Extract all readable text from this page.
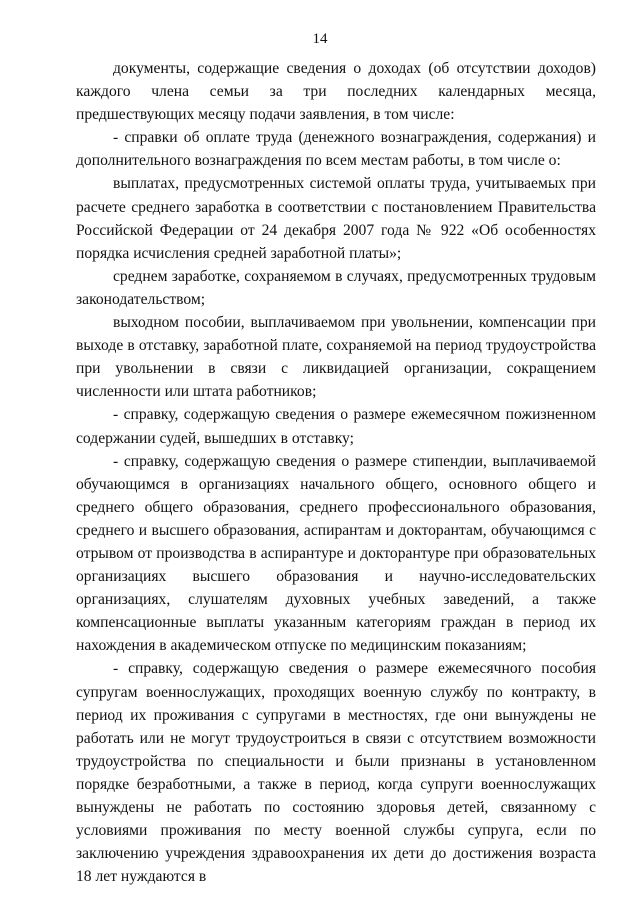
14

документы, содержащие сведения о доходах (об отсутствии доходов) каждого члена семьи за три последних календарных месяца, предшествующих месяцу подачи заявления, в том числе:

- справки об оплате труда (денежного вознаграждения, содержания) и дополнительного вознаграждения по всем местам работы, в том числе о:

выплатах, предусмотренных системой оплаты труда, учитываемых при расчете среднего заработка в соответствии с постановлением Правительства Российской Федерации от 24 декабря 2007 года № 922 «Об особенностях порядка исчисления средней заработной платы»;

среднем заработке, сохраняемом в случаях, предусмотренных трудовым законодательством;

выходном пособии, выплачиваемом при увольнении, компенсации при выходе в отставку, заработной плате, сохраняемой на период трудоустройства при увольнении в связи с ликвидацией организации, сокращением численности или штата работников;

- справку, содержащую сведения о размере ежемесячном пожизненном содержании судей, вышедших в отставку;

- справку, содержащую сведения о размере стипендии, выплачиваемой обучающимся в организациях начального общего, основного общего и среднего общего образования, среднего профессионального образования, среднего и высшего образования, аспирантам и докторантам, обучающимся с отрывом от производства в аспирантуре и докторантуре при образовательных организациях высшего образования и научно-исследовательских организациях, слушателям духовных учебных заведений, а также компенсационные выплаты указанным категориям граждан в период их нахождения в академическом отпуске по медицинским показаниям;

- справку, содержащую сведения о размере ежемесячного пособия супругам военнослужащих, проходящих военную службу по контракту, в период их проживания с супругами в местностях, где они вынуждены не работать или не могут трудоустроиться в связи с отсутствием возможности трудоустройства по специальности и были признаны в установленном порядке безработными, а также в период, когда супруги военнослужащих вынуждены не работать по состоянию здоровья детей, связанному с условиями проживания по месту военной службы супруга, если по заключению учреждения здравоохранения их дети до достижения возраста 18 лет нуждаются в
